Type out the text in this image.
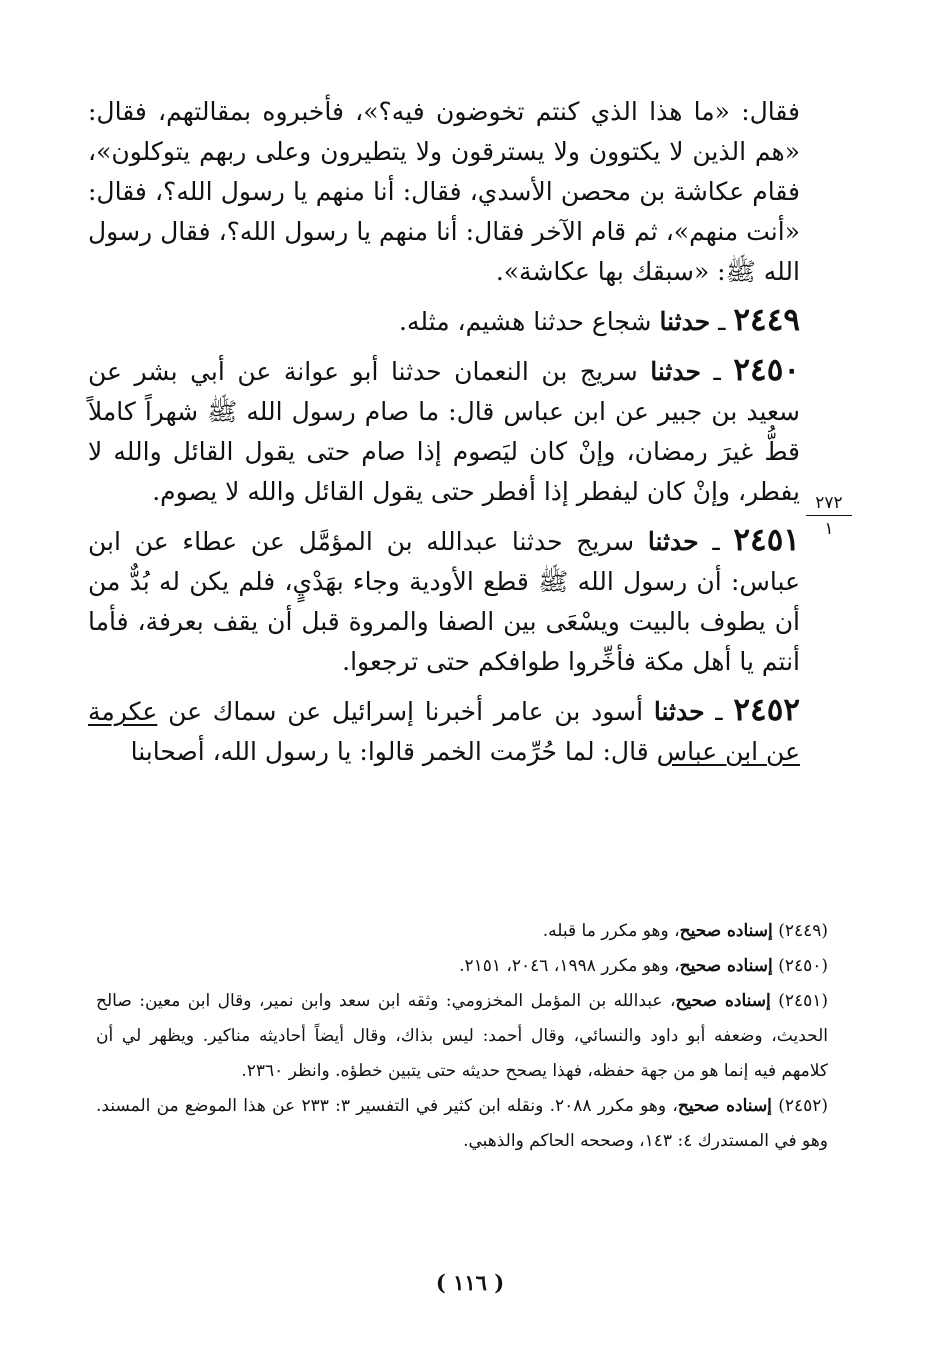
فقال: «ما هذا الذي كنتم تخوضون فيه؟»، فأخبروه بمقالتهم، فقال: «هم الذين لا يكتوون ولا يسترقون ولا يتطيرون وعلى ربهم يتوكلون»، فقام عكاشة بن محصن الأسدي، فقال: أنا منهم يا رسول الله؟، فقال: «أنت منهم»، ثم قام الآخر فقال: أنا منهم يا رسول الله؟، فقال رسول الله ﷺ: «سبقك بها عكاشة».

٢٤٤٩ ـ حدثنا شجاع حدثنا هشيم، مثله.

٢٤٥٠ ـ حدثنا سريج بن النعمان حدثنا أبو عوانة عن أبي بشر عن سعيد بن جبير عن ابن عباس قال: ما صام رسول الله ﷺ شهراً كاملاً قطُّ غيرَ رمضان، وإنْ كان ليَصوم إذا صام حتى يقول القائل والله لا يفطر، وإنْ كان ليفطر إذا أفطر حتى يقول القائل والله لا يصوم.

٢٤٥١ ـ حدثنا سريج حدثنا عبدالله بن المؤمَّل عن عطاء عن ابن عباس: أن رسول الله ﷺ قطع الأودية وجاء بهَدْيٍ، فلم يكن له بُدٌّ من أن يطوف بالبيت ويسْعَى بين الصفا والمروة قبل أن يقف بعرفة، فأما أنتم يا أهل مكة فأخِّروا طوافكم حتى ترجعوا.

٢٤٥٢ ـ حدثنا أسود بن عامر أخبرنا إسرائيل عن سماك عن عكرمة عن ابن عباس قال: لما حُرِّمت الخمر قالوا: يا رسول الله، أصحابنا

٢٧٢
١

(٢٤٤٩) إسناده صحيح، وهو مكرر ما قبله.

(٢٤٥٠) إسناده صحيح، وهو مكرر ١٩٩٨، ٢٠٤٦، ٢١٥١.

(٢٤٥١) إسناده صحيح، عبدالله بن المؤمل المخزومي: وثقه ابن سعد وابن نمير، وقال ابن معين: صالح الحديث، وضعفه أبو داود والنسائي، وقال أحمد: ليس بذاك، وقال أيضاً أحاديثه مناكير. ويظهر لي أن كلامهم فيه إنما هو من جهة حفظه، فهذا يصحح حديثه حتى يتبين خطؤه. وانظر ٢٣٦٠.

(٢٤٥٢) إسناده صحيح، وهو مكرر ٢٠٨٨. ونقله ابن كثير في التفسير ٣: ٢٣٣ عن هذا الموضع من المسند. وهو في المستدرك ٤: ١٤٣، وصححه الحاكم والذهبي.

( ١١٦ )
